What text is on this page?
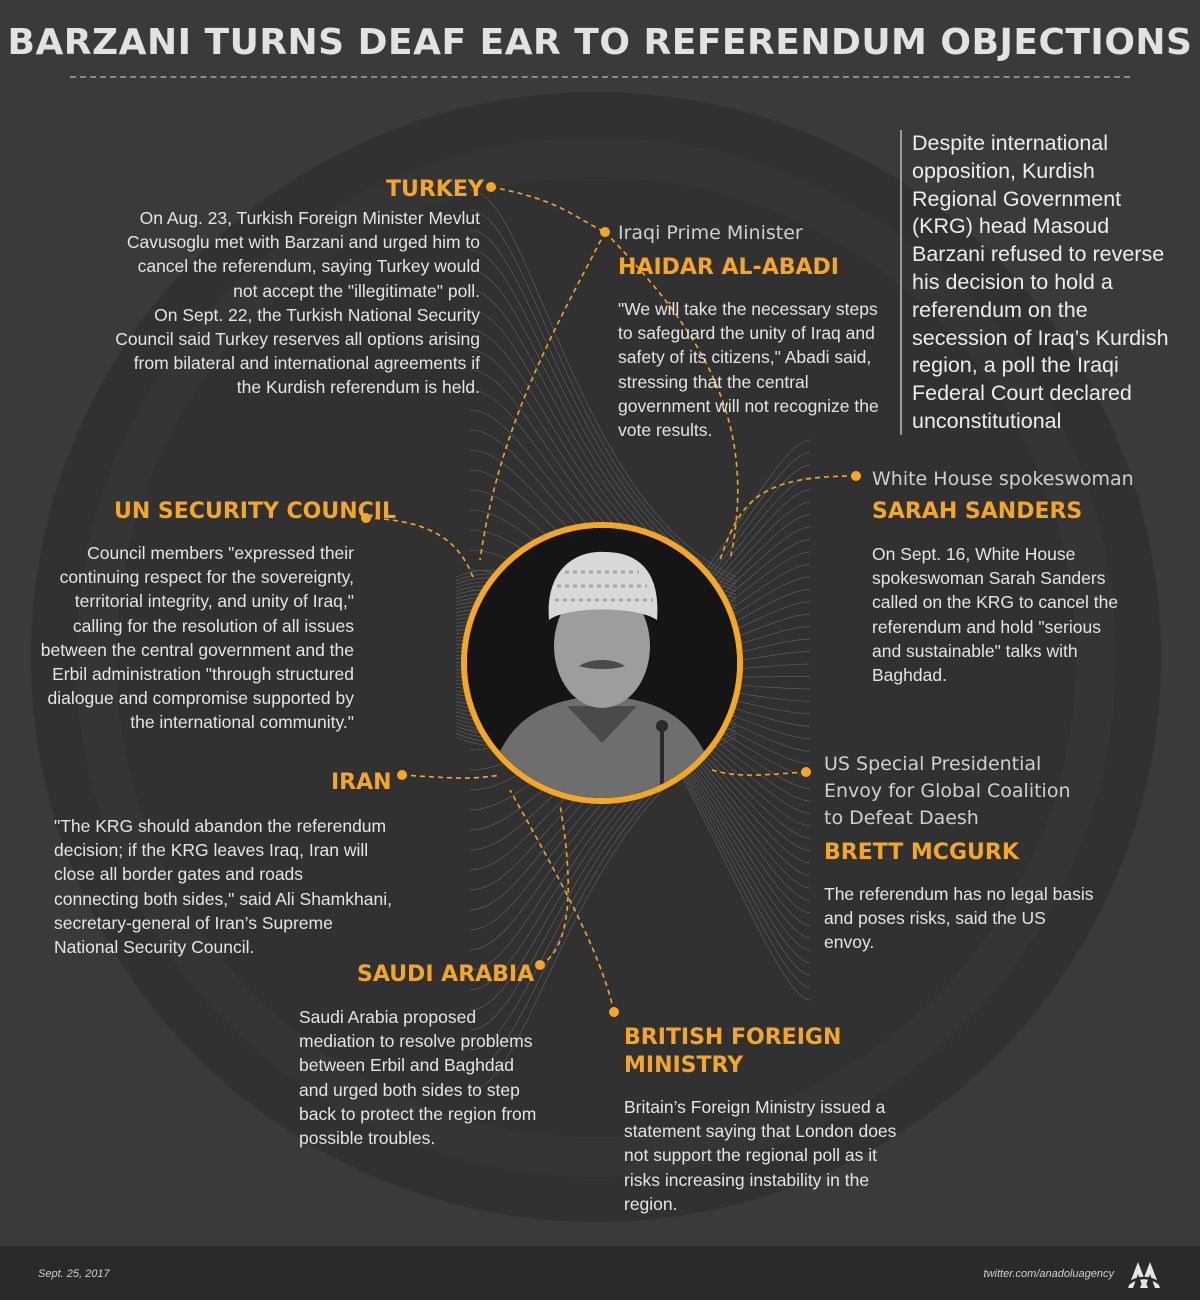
BARZANI TURNS DEAF EAR TO REFERENDUM OBJECTIONS
Despite international opposition, Kurdish Regional Government (KRG) head Masoud Barzani refused to reverse his decision to hold a referendum on the secession of Iraq’s Kurdish region, a poll the Iraqi Federal Court declared unconstitutional
TURKEY
On Aug. 23, Turkish Foreign Minister Mevlut Cavusoglu met with Barzani and urged him to cancel the referendum, saying Turkey would not accept the "illegitimate" poll.
On Sept. 22, the Turkish National Security Council said Turkey reserves all options arising from bilateral and international agreements if the Kurdish referendum is held.
Iraqi Prime Minister
HAIDAR AL-ABADI
"We will take the necessary steps to safeguard the unity of Iraq and safety of its citizens," Abadi said, stressing that the central government will not recognize the vote results.
UN SECURITY COUNCIL
Council members "expressed their continuing respect for the sovereignty, territorial integrity, and unity of Iraq," calling for the resolution of all issues between the central government and the Erbil administration "through structured dialogue and compromise supported by the international community."
White House spokeswoman
SARAH SANDERS
On Sept. 16, White House spokeswoman Sarah Sanders called on the KRG to cancel the referendum and hold "serious and sustainable" talks with Baghdad.
IRAN
"The KRG should abandon the referendum decision; if the KRG leaves Iraq, Iran will close all border gates and roads connecting both sides," said Ali Shamkhani, secretary-general of Iran’s Supreme National Security Council.
US Special Presidential Envoy for Global Coalition to Defeat Daesh
BRETT MCGURK
The referendum has no legal basis and poses risks, said the US envoy.
SAUDI ARABIA
Saudi Arabia proposed mediation to resolve problems between Erbil and Baghdad and urged both sides to step back to protect the region from possible troubles.
BRITISH FOREIGN MINISTRY
Britain’s Foreign Ministry issued a statement saying that London does not support the regional poll as it risks increasing instability in the region.
Sept. 25, 2017	twitter.com/anadoluagency
